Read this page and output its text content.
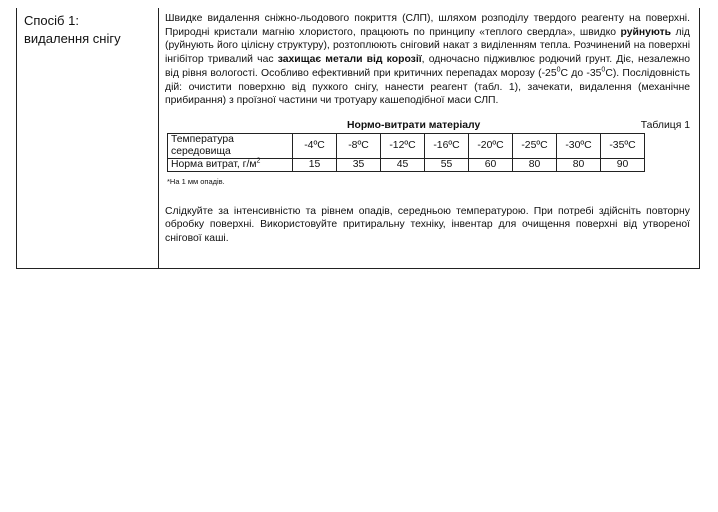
Спосіб 1:
видалення снігу

Швидке видалення сніжно-льодового покриття (СЛП), шляхом розподілу твердого реагенту на поверхні. Природні кристали магнію хлористого, працюють по принципу «теплого свердла», швидко руйнують лід (руйнують його цілісну структуру), розтоплюють сніговий накат з виділенням тепла. Розчинений на поверхні інгібітор тривалий час захищає метали від корозії, одночасно підживлює родючий грунт. Діє, незалежно від рівня вологості. Особливо ефективний при критичних перепадах морозу ($-25^0С$ до $-35^0С$). Послідовність дій: очистити поверхню від пухкого снігу, нанести реагент (табл. 1), зачекати, видалення (механічне прибирання) з проїзної частини чи тротуару кашеподібної маси СЛП.

Нормо-витрати матеріалу	Таблиця 1
Температура середовища	-4ºС	-8ºС	-12ºС	-16ºС	-20ºС	-25ºС	-30ºС	-35ºС
Норма витрат, $г/м^2$	15	35	45	55	60	80	80	90
*На 1 мм опадів.

Слідкуйте за інтенсивністю та рівнем опадів, середньою температурою. При потребі здійсніть повторну обробку поверхні. Використовуйте притиральну техніку, інвентар для очищення поверхні від утвореної снігової каші.
